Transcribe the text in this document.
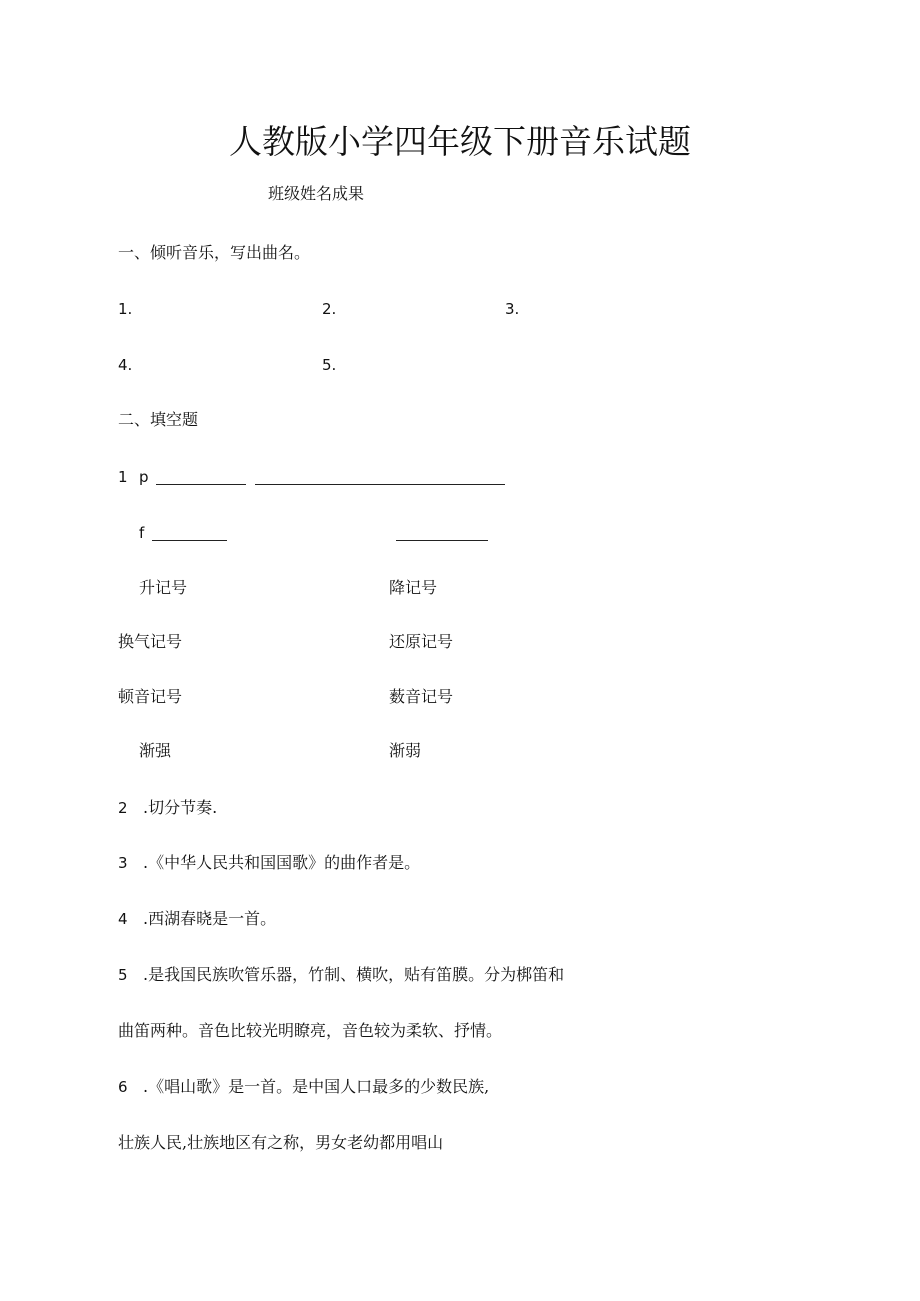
人教版小学四年级下册音乐试题
班级姓名成果
一、倾听音乐，写出曲名。
1.	2.	3.
4.	5.
二、填空题
1 p
f
升记号	降记号
换气记号	还原记号
顿音记号	薮音记号
渐强	渐弱
2 .切分节奏.
3 .《中华人民共和国国歌》的曲作者是。
4 .西湖春晓是一首。
5 .是我国民族吹管乐器，竹制、横吹，贴有笛膜。分为梆笛和
曲笛两种。音色比较光明瞭亮，音色较为柔软、抒情。
6 .《唱山歌》是一首。是中国人口最多的少数民族,
壮族人民,壮族地区有之称，男女老幼都用唱山
